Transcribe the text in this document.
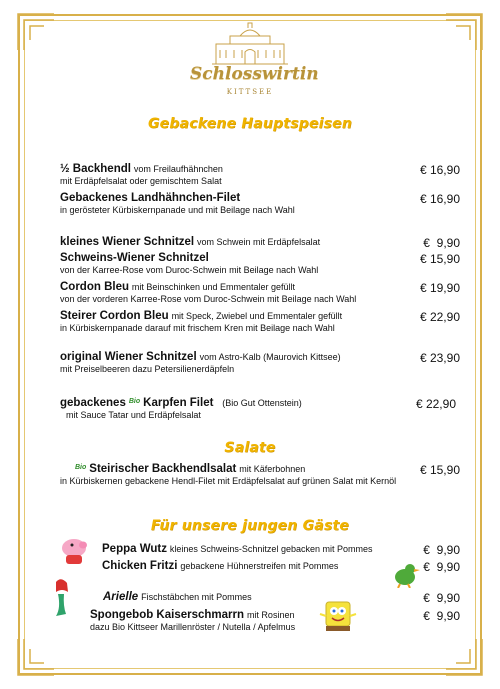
Schlosswirtin
KITTSEE
Gebackene Hauptspeisen
½ Backhendl vom Freilaufhähnchen
mit Erdäpfelsalat oder gemischtem Salat
€ 16,90
Gebackenes Landhähnchen-Filet
in gerösteter Kürbiskernpanade und mit Beilage nach Wahl
€ 16,90
kleines Wiener Schnitzel vom Schwein mit Erdäpfelsalat	€  9,90
Schweins-Wiener Schnitzel
von der Karree-Rose vom Duroc-Schwein mit Beilage nach Wahl
€ 15,90
Cordon Bleu mit Beinschinken und Emmentaler gefüllt
von der vorderen Karree-Rose vom Duroc-Schwein mit Beilage nach Wahl
€ 19,90
Steirer Cordon Bleu mit Speck, Zwiebel und Emmentaler gefüllt
in Kürbiskernpanade darauf mit frischem Kren mit Beilage nach Wahl
€ 22,90
original Wiener Schnitzel vom Astro-Kalb (Maurovich Kittsee)
mit Preiselbeeren dazu Petersilienerdäpfeln
€ 23,90
gebackenes Bio Karpfen Filet (Bio Gut Ottenstein)
mit Sauce Tatar und Erdäpfelsalat
€ 22,90
Salate
Bio Steirischer Backhendlsalat mit Käferbohnen
in Kürbiskernen gebackene Hendl-Filet mit Erdäpfelsalat auf grünen Salat mit Kernöl
€ 15,90
Für unsere jungen Gäste
Peppa Wutz kleines Schweins-Schnitzel gebacken mit Pommes	€  9,90
Chicken Fritzi gebackene Hühnerstreifen mit Pommes	€  9,90
Arielle Fischstäbchen mit Pommes	€  9,90
Spongebob Kaiserschmarrn mit Rosinen
dazu Bio Kittseer Marillenröster / Nutella / Apfelmus
€  9,90
